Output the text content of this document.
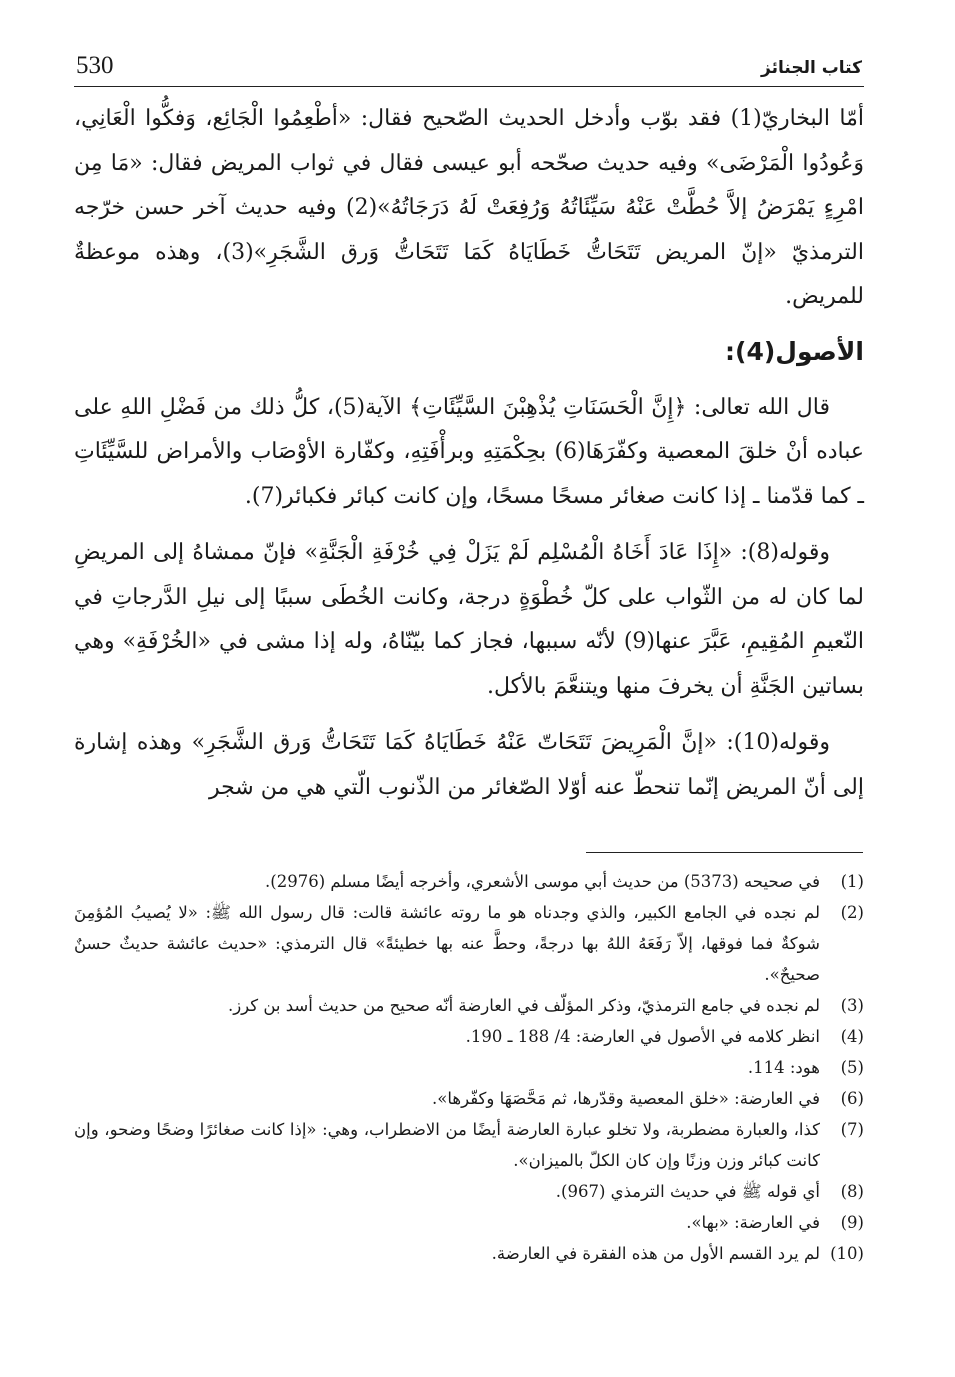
530	كتاب الجنائز

أمّا البخاريّ(1) فقد بوّب وأدخل الحديث الصّحيح فقال: «أطْعِمُوا الْجَائِع، وَفكُّوا الْعَانِي، وَعُودُوا الْمَرْضَى» وفيه حديث صحّحه أبو عيسى فقال في ثواب المريض فقال: «مَا مِن امْرِءٍ يَمْرَضُ إلاَّ حُطَّتْ عَنْهُ سَيِّئَاتُهُ وَرُفِعَتْ لَهُ دَرَجَاتُهُ»(2) وفيه حديث آخر حسن خرّجه الترمذيّ «إنّ المريض تَتَحَاتُّ خَطَايَاهُ كَمَا تَتَحَاتُّ وَرق الشَّجَرِ»(3)، وهذه موعظةٌ للمريض.

الأصول(4):

قال الله تعالى: ﴿إِنَّ الْحَسَنَاتِ يُذْهِبْنَ السَّيِّئَاتِ﴾ الآية(5)، كلُّ ذلك من فَضْلِ اللهِ على عباده أنْ خلقَ المعصية وكفّرَهَا(6) بحِكْمَتِهِ وبرأْفَتِهِ، وكفّارة الأوْصَاب والأمراض للسَّيِّئَاتِ ـ كما قدّمنا ـ إذا كانت صغائر مسحًا مسحًا، وإن كانت كبائر فكبائر(7).

وقوله(8): «إِذَا عَادَ أَخَاهُ الْمُسْلِم لَمْ يَزَلْ فِي خُرْفَةِ الْجَنَّةِ» فإنّ ممشاهُ إلى المريضِ لما كان له من الثّواب على كلّ خُطْوَةٍ درجة، وكانت الخُطَى سببًا إلى نيلِ الدَّرجاتِ في النّعيمِ المُقِيمِ، عَبَّرَ عنها(9) لأنّه سببها، فجاز كما بيّنّاهُ، وله إذا مشى في «الخُرْفَةِ» وهي بساتين الجَنَّةِ أن يخرفَ منها ويتنعَّمَ بالأكل.

وقوله(10): «إنَّ الْمَرِيضَ تَتَحَاتّ عَنْهُ خَطَايَاهُ كَمَا تَتَحَاتُّ وَرق الشَّجَرِ» وهذه إشارة إلى أنّ المريض إنّما تنحطّ عنه أوّلا الصّغائر من الذّنوب الّتي هي من شجر

(1)
في صحيحه (5373) من حديث أبي موسى الأشعري، وأخرجه أيضًا مسلم (2976).
(2)
لم نجده في الجامع الكبير، والذي وجدناه هو ما روته عائشة قالت: قال رسول الله ﷺ: «لا يُصيبُ المُؤمِنَ شوكةٌ فما فوقها، إلاّ رَفَعَهُ اللهُ بها درجةً، وحطَّ عنه بها خطيئةً» قال الترمذي: «حديث عائشة حديثٌ حسنٌ صحيحٌ».
(3)
لم نجده في جامع الترمذيّ، وذكر المؤلّف في العارضة أنّه صحيح من حديث أسد بن كرز.
(4)
انظر كلامه في الأصول في العارضة: 4/ 188 ـ 190.
(5)
هود: 114.
(6)
في العارضة: «خلق المعصية وقدّرها، ثم مَحَّصَهَا وكفّرها».
(7)
كذا، والعبارة مضطربة، ولا تخلو عبارة العارضة أيضًا من الاضطراب، وهي: «إذا كانت صغائرًا وضحًا وضحو، وإن كانت كبائر وزن وزنًا وإن كان الكلّ بالميزان».
(8)
أي قوله ﷺ في حديث الترمذي (967).
(9)
في العارضة: «بها».
(10)
لم يرد القسم الأول من هذه الفقرة في العارضة.
